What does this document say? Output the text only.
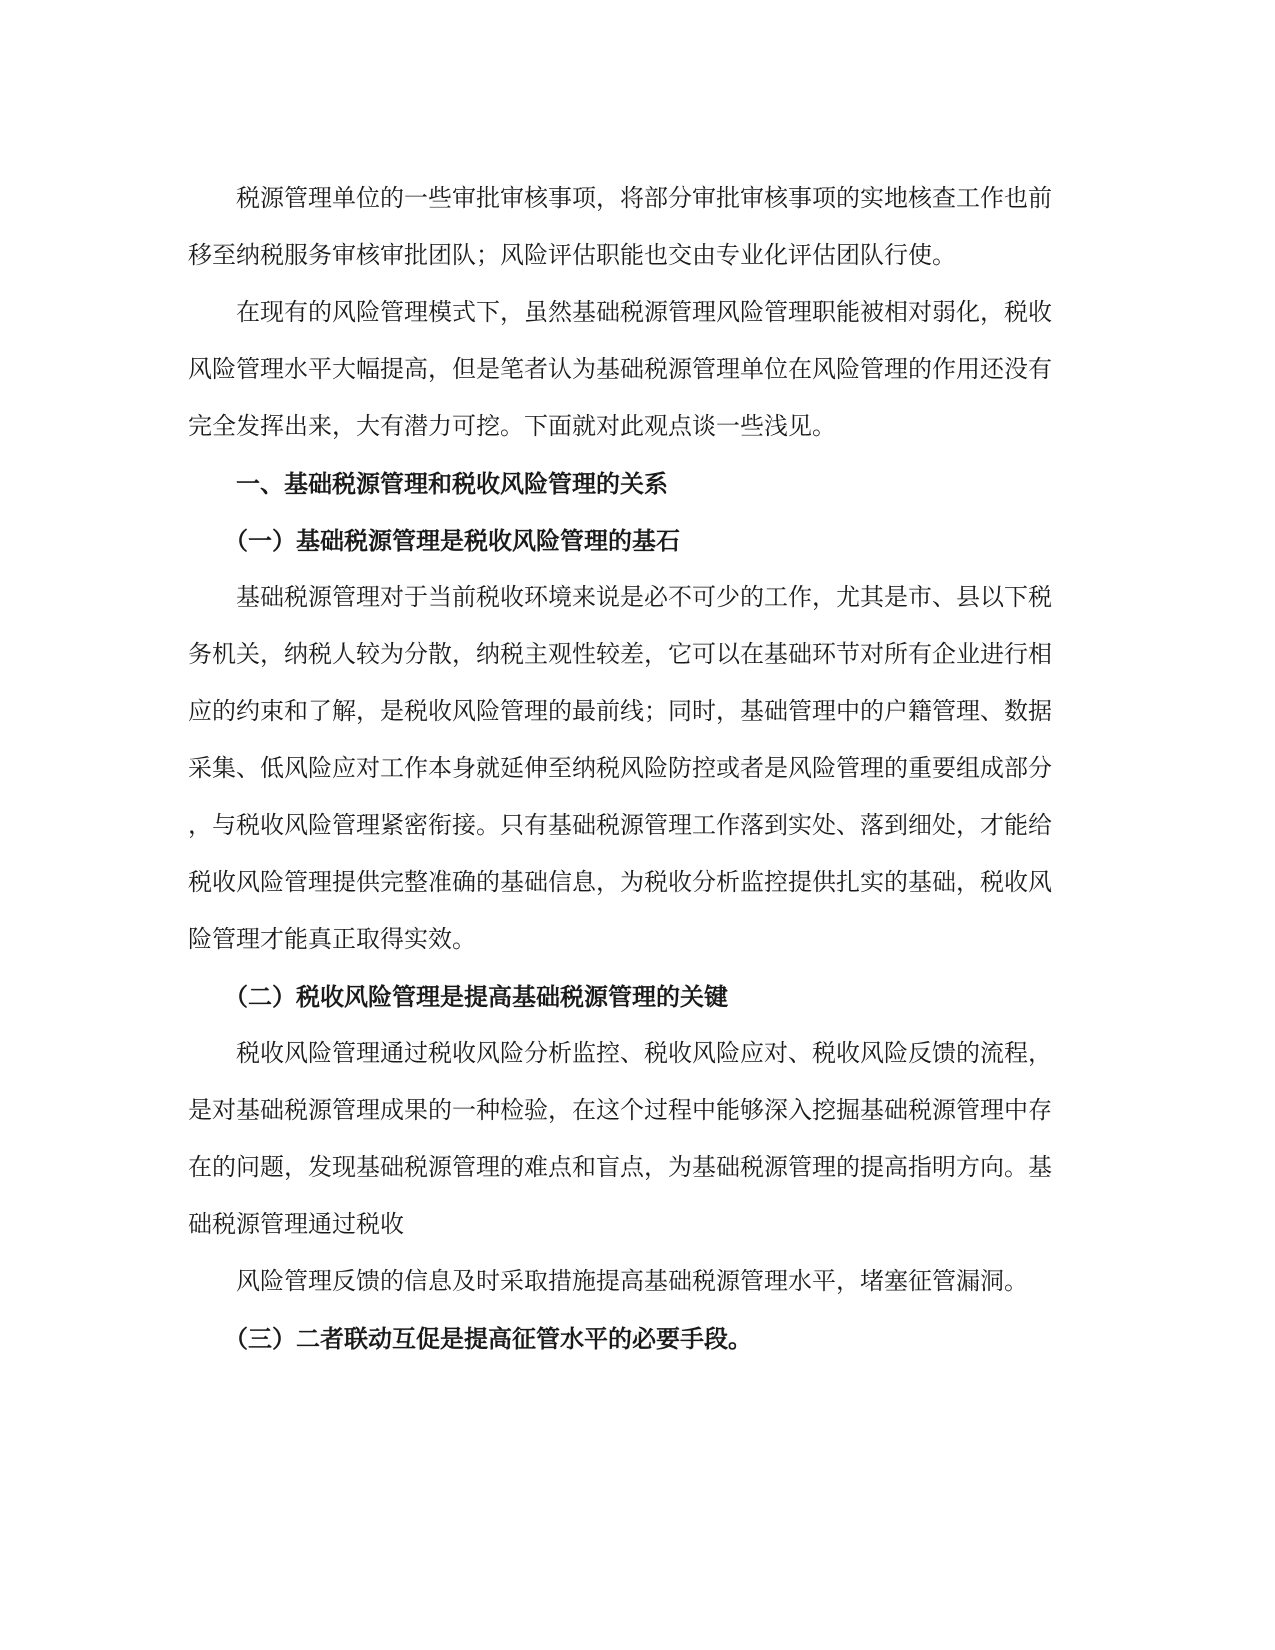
税源管理单位的一些审批审核事项，将部分审批审核事项的实地核查工作也前
移至纳税服务审核审批团队；风险评估职能也交由专业化评估团队行使。

在现有的风险管理模式下，虽然基础税源管理风险管理职能被相对弱化，税收
风险管理水平大幅提高，但是笔者认为基础税源管理单位在风险管理的作用还没有
完全发挥出来，大有潜力可挖。下面就对此观点谈一些浅见。

一、基础税源管理和税收风险管理的关系

（一）基础税源管理是税收风险管理的基石

基础税源管理对于当前税收环境来说是必不可少的工作，尤其是市、县以下税
务机关，纳税人较为分散，纳税主观性较差，它可以在基础环节对所有企业进行相
应的约束和了解，是税收风险管理的最前线；同时，基础管理中的户籍管理、数据
采集、低风险应对工作本身就延伸至纳税风险防控或者是风险管理的重要组成部分
，与税收风险管理紧密衔接。只有基础税源管理工作落到实处、落到细处，才能给
税收风险管理提供完整准确的基础信息，为税收分析监控提供扎实的基础，税收风
险管理才能真正取得实效。

（二）税收风险管理是提高基础税源管理的关键

税收风险管理通过税收风险分析监控、税收风险应对、税收风险反馈的流程，
是对基础税源管理成果的一种检验，在这个过程中能够深入挖掘基础税源管理中存
在的问题，发现基础税源管理的难点和盲点，为基础税源管理的提高指明方向。基
础税源管理通过税收

风险管理反馈的信息及时采取措施提高基础税源管理水平，堵塞征管漏洞。

（三）二者联动互促是提高征管水平的必要手段。
